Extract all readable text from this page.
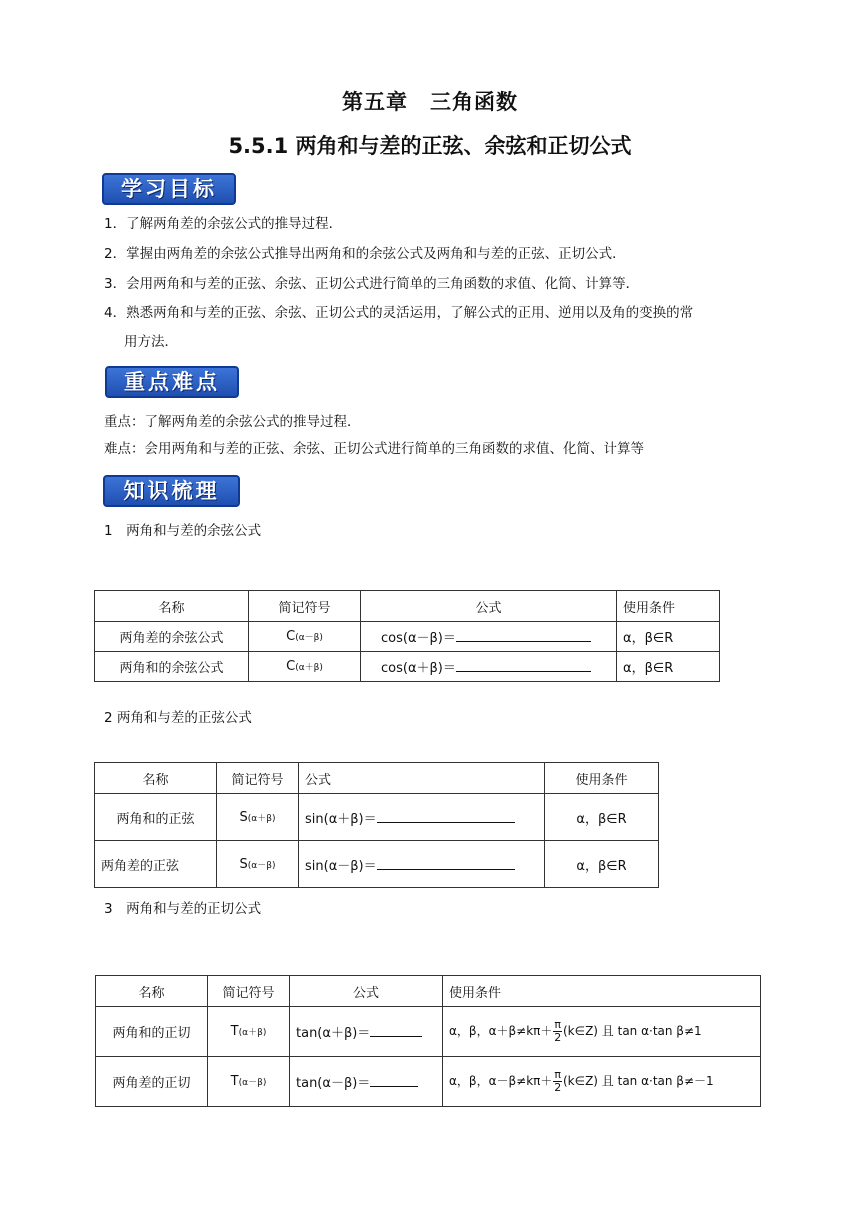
第五章　三角函数
5.5.1 两角和与差的正弦、余弦和正切公式
学习目标
1．了解两角差的余弦公式的推导过程．
2．掌握由两角差的余弦公式推导出两角和的余弦公式及两角和与差的正弦、正切公式．
3．会用两角和与差的正弦、余弦、正切公式进行简单的三角函数的求值、化简、计算等．
4．熟悉两角和与差的正弦、余弦、正切公式的灵活运用，了解公式的正用、逆用以及角的变换的常
用方法．
重点难点
重点：了解两角差的余弦公式的推导过程．
难点：会用两角和与差的正弦、余弦、正切公式进行简单的三角函数的求值、化简、计算等
知识梳理
1　两角和与差的余弦公式
名称	简记符号	公式	使用条件
两角差的余弦公式	C(α－β)	cos(α－β)＝	α，β∈R
两角和的余弦公式	C(α＋β)	cos(α＋β)＝	α，β∈R
2 两角和与差的正弦公式
名称	简记符号	公式	使用条件
两角和的正弦	S(α＋β)	sin(α＋β)＝	α，β∈R
两角差的正弦	S(α－β)	sin(α－β)＝	α，β∈R
3　两角和与差的正切公式
名称	简记符号	公式	使用条件
两角和的正切	T(α＋β)	tan(α＋β)＝	α，β，$\alpha+\beta\ne k\pi+ \frac{\pi}{2}$ (k∈Z) 且 tan α·tan β≠1
两角差的正切	T(α－β)	tan(α－β)＝	α，β，$\alpha-\beta\ne k\pi+ \frac{\pi}{2}$ (k∈Z) 且 tan α·tan β≠－1
